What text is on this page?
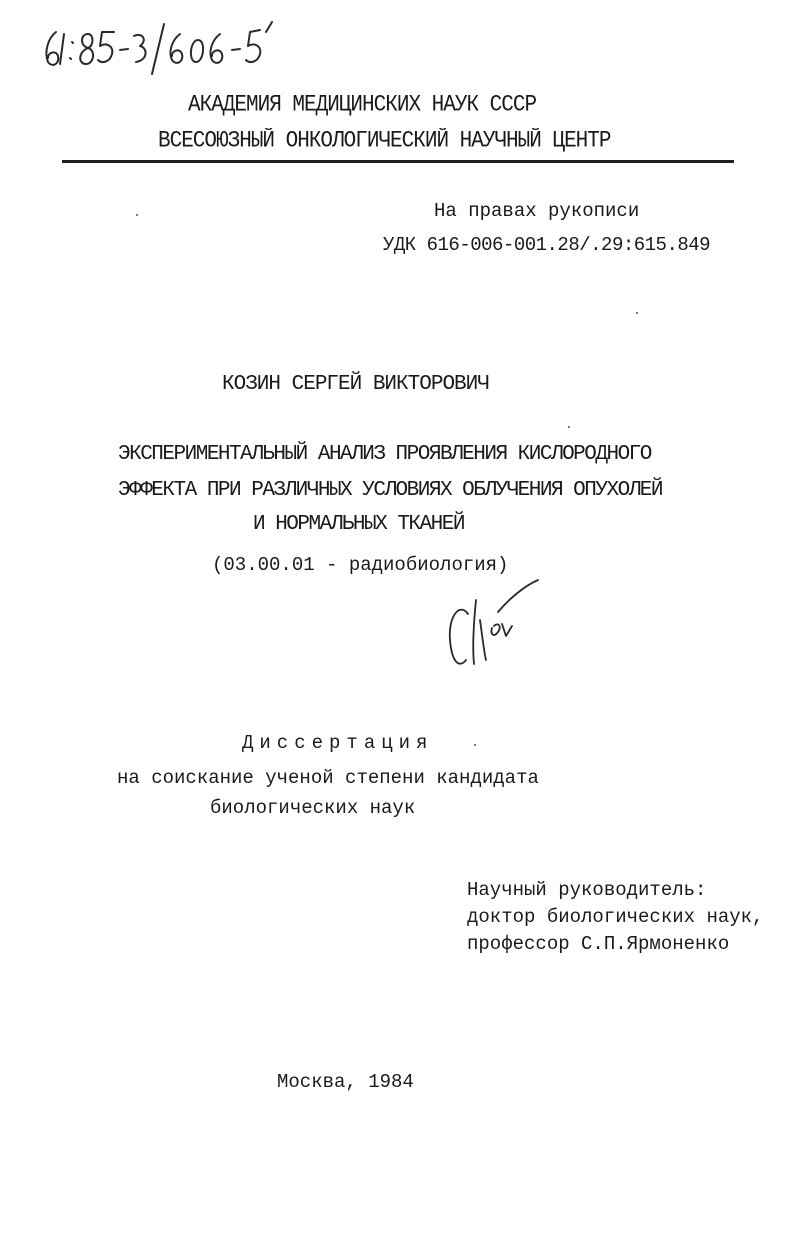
АКАДЕМИЯ МЕДИЦИНСКИХ НАУК СССР
ВСЕСОЮЗНЫЙ ОНКОЛОГИЧЕСКИЙ НАУЧНЫЙ ЦЕНТР
На правах рукописи
УДК 616-006-001.28/.29:615.849
КОЗИН СЕРГЕЙ ВИКТОРОВИЧ
ЭКСПЕРИМЕНТАЛЬНЫЙ АНАЛИЗ ПРОЯВЛЕНИЯ КИСЛОРОДНОГО
ЭФФЕКТА ПРИ РАЗЛИЧНЫХ УСЛОВИЯХ ОБЛУЧЕНИЯ ОПУХОЛЕЙ
И НОРМАЛЬНЫХ ТКАНЕЙ
(03.00.01 - радиобиология)
Диссертация
на соискание ученой степени кандидата
биологических наук
Научный руководитель:
доктор биологических наук,
профессор С.П.Ярмоненко
Москва, 1984
